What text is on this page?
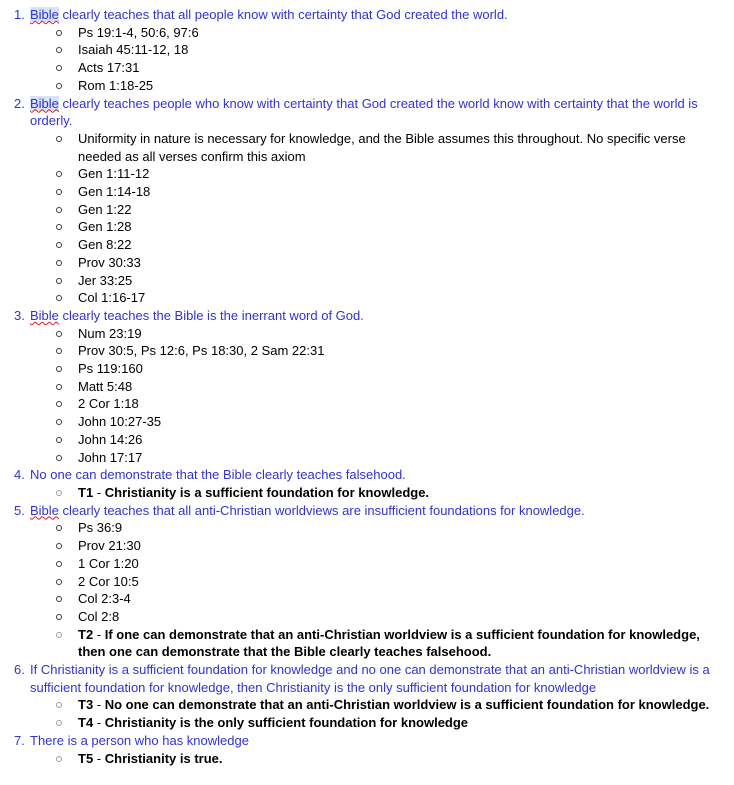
1. Bible clearly teaches that all people know with certainty that God created the world.
Ps 19:1-4, 50:6, 97:6
Isaiah 45:11-12, 18
Acts 17:31
Rom 1:18-25
2. Bible clearly teaches people who know with certainty that God created the world know with certainty that the world is orderly.
Uniformity in nature is necessary for knowledge, and the Bible assumes this throughout. No specific verse needed as all verses confirm this axiom
Gen 1:11-12
Gen 1:14-18
Gen 1:22
Gen 1:28
Gen 8:22
Prov 30:33
Jer 33:25
Col 1:16-17
3. Bible clearly teaches the Bible is the inerrant word of God.
Num 23:19
Prov 30:5, Ps 12:6, Ps 18:30, 2 Sam 22:31
Ps 119:160
Matt 5:48
2 Cor 1:18
John 10:27-35
John 14:26
John 17:17
4. No one can demonstrate that the Bible clearly teaches falsehood.
T1 - Christianity is a sufficient foundation for knowledge.
5. Bible clearly teaches that all anti-Christian worldviews are insufficient foundations for knowledge.
Ps 36:9
Prov 21:30
1 Cor 1:20
2 Cor 10:5
Col 2:3-4
Col 2:8
T2 - If one can demonstrate that an anti-Christian worldview is a sufficient foundation for knowledge, then one can demonstrate that the Bible clearly teaches falsehood.
6. If Christianity is a sufficient foundation for knowledge and no one can demonstrate that an anti-Christian worldview is a sufficient foundation for knowledge, then Christianity is the only sufficient foundation for knowledge
T3 - No one can demonstrate that an anti-Christian worldview is a sufficient foundation for knowledge.
T4 - Christianity is the only sufficient foundation for knowledge
7. There is a person who has knowledge
T5 - Christianity is true.
